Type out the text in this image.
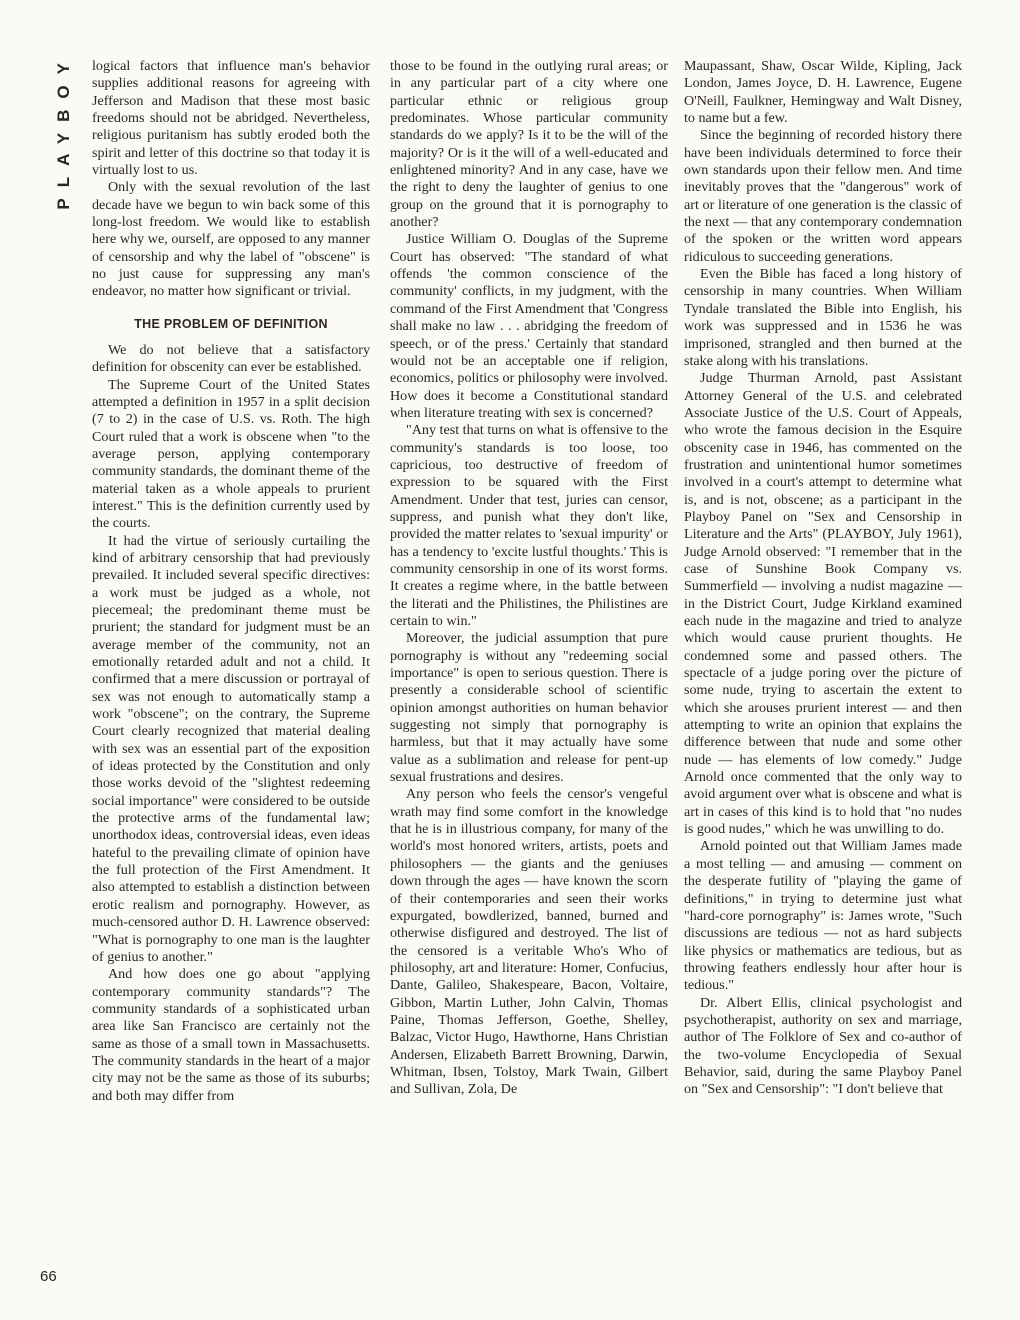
PLAYBOY logical factors that influence man's behavior supplies additional reasons for agreeing with Jefferson and Madison that these most basic freedoms should not be abridged. Nevertheless, religious puritanism has subtly eroded both the spirit and letter of this doctrine so that today it is virtually lost to us.

Only with the sexual revolution of the last decade have we begun to win back some of this long-lost freedom. We would like to establish here why we, ourself, are opposed to any manner of censorship and why the label of "obscene" is no just cause for suppressing any man's endeavor, no matter how significant or trivial.

THE PROBLEM OF DEFINITION

We do not believe that a satisfactory definition for obscenity can ever be established.

The Supreme Court of the United States attempted a definition in 1957 in a split decision (7 to 2) in the case of U.S. vs. Roth. The high Court ruled that a work is obscene when "to the average person, applying contemporary community standards, the dominant theme of the material taken as a whole appeals to prurient interest." This is the definition currently used by the courts.

It had the virtue of seriously curtailing the kind of arbitrary censorship that had previously prevailed. It included several specific directives: a work must be judged as a whole, not piecemeal; the predominant theme must be prurient; the standard for judgment must be an average member of the community, not an emotionally retarded adult and not a child. It confirmed that a mere discussion or portrayal of sex was not enough to automatically stamp a work "obscene"; on the contrary, the Supreme Court clearly recognized that material dealing with sex was an essential part of the exposition of ideas protected by the Constitution and only those works devoid of the "slightest redeeming social importance" were considered to be outside the protective arms of the fundamental law; unorthodox ideas, controversial ideas, even ideas hateful to the prevailing climate of opinion have the full protection of the First Amendment. It also attempted to establish a distinction between erotic realism and pornography. However, as much-censored author D. H. Lawrence observed: "What is pornography to one man is the laughter of genius to another."

And how does one go about "applying contemporary community standards"? The community standards of a sophisticated urban area like San Francisco are certainly not the same as those of a small town in Massachusetts. The community standards in the heart of a major city may not be the same as those of its suburbs; and both may differ from

those to be found in the outlying rural areas; or in any particular part of a city where one particular ethnic or religious group predominates. Whose particular community standards do we apply? Is it to be the will of the majority? Or is it the will of a well-educated and enlightened minority? And in any case, have we the right to deny the laughter of genius to one group on the ground that it is pornography to another?

Justice William O. Douglas of the Supreme Court has observed: "The standard of what offends 'the common conscience of the community' conflicts, in my judgment, with the command of the First Amendment that 'Congress shall make no law . . . abridging the freedom of speech, or of the press.' Certainly that standard would not be an acceptable one if religion, economics, politics or philosophy were involved. How does it become a Constitutional standard when literature treating with sex is concerned?

"Any test that turns on what is offensive to the community's standards is too loose, too capricious, too destructive of freedom of expression to be squared with the First Amendment. Under that test, juries can censor, suppress, and punish what they don't like, provided the matter relates to 'sexual impurity' or has a tendency to 'excite lustful thoughts.' This is community censorship in one of its worst forms. It creates a regime where, in the battle between the literati and the Philistines, the Philistines are certain to win."

Moreover, the judicial assumption that pure pornography is without any "redeeming social importance" is open to serious question. There is presently a considerable school of scientific opinion amongst authorities on human behavior suggesting not simply that pornography is harmless, but that it may actually have some value as a sublimation and release for pent-up sexual frustrations and desires.

Any person who feels the censor's vengeful wrath may find some comfort in the knowledge that he is in illustrious company, for many of the world's most honored writers, artists, poets and philosophers — the giants and the geniuses down through the ages — have known the scorn of their contemporaries and seen their works expurgated, bowdlerized, banned, burned and otherwise disfigured and destroyed. The list of the censored is a veritable Who's Who of philosophy, art and literature: Homer, Confucius, Dante, Galileo, Shakespeare, Bacon, Voltaire, Gibbon, Martin Luther, John Calvin, Thomas Paine, Thomas Jefferson, Goethe, Shelley, Balzac, Victor Hugo, Hawthorne, Hans Christian Andersen, Elizabeth Barrett Browning, Darwin, Whitman, Ibsen, Tolstoy, Mark Twain, Gilbert and Sullivan, Zola, De

Maupassant, Shaw, Oscar Wilde, Kipling, Jack London, James Joyce, D. H. Lawrence, Eugene O'Neill, Faulkner, Hemingway and Walt Disney, to name but a few.

Since the beginning of recorded history there have been individuals determined to force their own standards upon their fellow men. And time inevitably proves that the "dangerous" work of art or literature of one generation is the classic of the next — that any contemporary condemnation of the spoken or the written word appears ridiculous to succeeding generations.

Even the Bible has faced a long history of censorship in many countries. When William Tyndale translated the Bible into English, his work was suppressed and in 1536 he was imprisoned, strangled and then burned at the stake along with his translations.

Judge Thurman Arnold, past Assistant Attorney General of the U.S. and celebrated Associate Justice of the U.S. Court of Appeals, who wrote the famous decision in the Esquire obscenity case in 1946, has commented on the frustration and unintentional humor sometimes involved in a court's attempt to determine what is, and is not, obscene; as a participant in the Playboy Panel on "Sex and Censorship in Literature and the Arts" (PLAYBOY, July 1961), Judge Arnold observed: "I remember that in the case of Sunshine Book Company vs. Summerfield — involving a nudist magazine — in the District Court, Judge Kirkland examined each nude in the magazine and tried to analyze which would cause prurient thoughts. He condemned some and passed others. The spectacle of a judge poring over the picture of some nude, trying to ascertain the extent to which she arouses prurient interest — and then attempting to write an opinion that explains the difference between that nude and some other nude — has elements of low comedy." Judge Arnold once commented that the only way to avoid argument over what is obscene and what is art in cases of this kind is to hold that "no nudes is good nudes," which he was unwilling to do.

Arnold pointed out that William James made a most telling — and amusing — comment on the desperate futility of "playing the game of definitions," in trying to determine just what "hard-core pornography" is: James wrote, "Such discussions are tedious — not as hard subjects like physics or mathematics are tedious, but as throwing feathers endlessly hour after hour is tedious."

Dr. Albert Ellis, clinical psychologist and psychotherapist, authority on sex and marriage, author of The Folklore of Sex and co-author of the two-volume Encyclopedia of Sexual Behavior, said, during the same Playboy Panel on "Sex and Censorship": "I don't believe that

66
